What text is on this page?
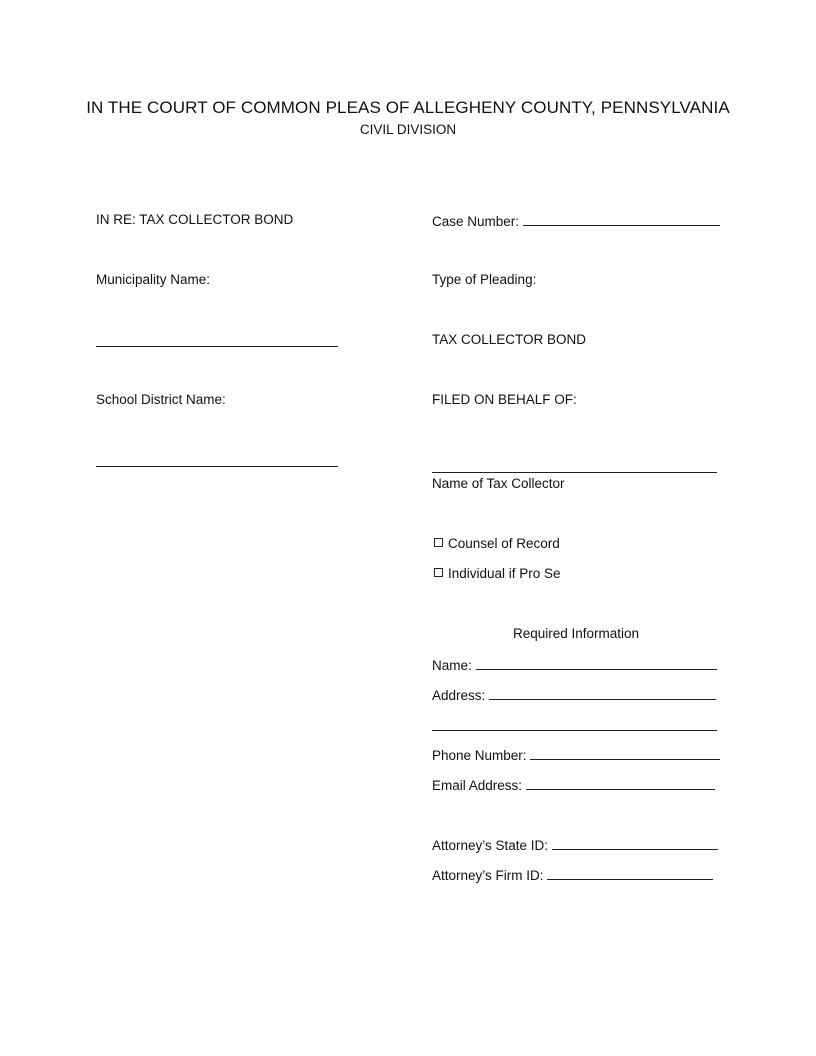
IN THE COURT OF COMMON PLEAS OF ALLEGHENY COUNTY, PENNSYLVANIA
CIVIL DIVISION
IN RE: TAX COLLECTOR BOND
Municipality Name:
School District Name:
Case Number:
Type of Pleading:
TAX COLLECTOR BOND
FILED ON BEHALF OF:
Name of Tax Collector
Counsel of Record
Individual if Pro Se
Required Information
Name:
Address:
Phone Number:
Email Address:
Attorney’s State ID:
Attorney’s Firm ID:
